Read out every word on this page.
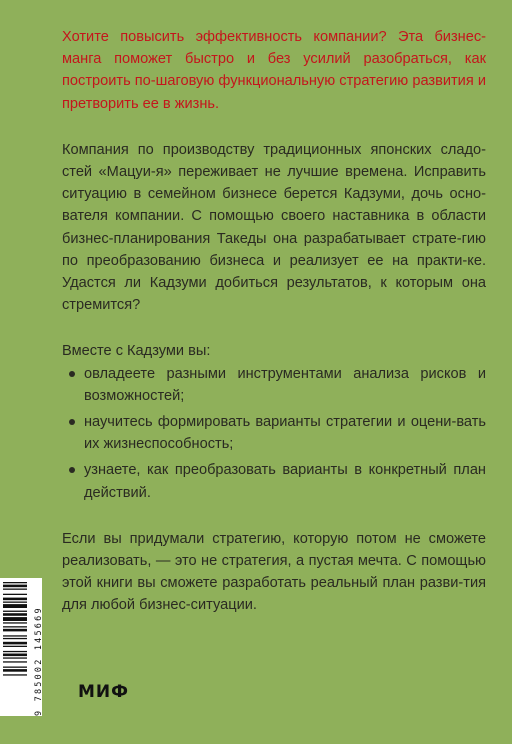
Хотите повысить эффективность компании? Эта бизнес-манга поможет быстро и без усилий разобраться, как построить по-шаговую функциональную стратегию развития и претворить ее в жизнь.

Компания по производству традиционных японских сладо-стей «Мацуи-я» переживает не лучшие времена. Исправить ситуацию в семейном бизнесе берется Кадзуми, дочь осно-вателя компании. С помощью своего наставника в области бизнес-планирования Такеды она разрабатывает страте-гию по преобразованию бизнеса и реализует ее на практи-ке. Удастся ли Кадзуми добиться результатов, к которым она стремится?

Вместе с Кадзуми вы:

овладеете разными инструментами анализа рисков и возможностей;
научитесь формировать варианты стратегии и оцени-вать их жизнеспособность;
узнаете, как преобразовать варианты в конкретный план действий.

Если вы придумали стратегию, которую потом не сможете реализовать, — это не стратегия, а пустая мечта. С помощью этой книги вы сможете разработать реальный план разви-тия для любой бизнес-ситуации.

9 785002 145669 МИФ
